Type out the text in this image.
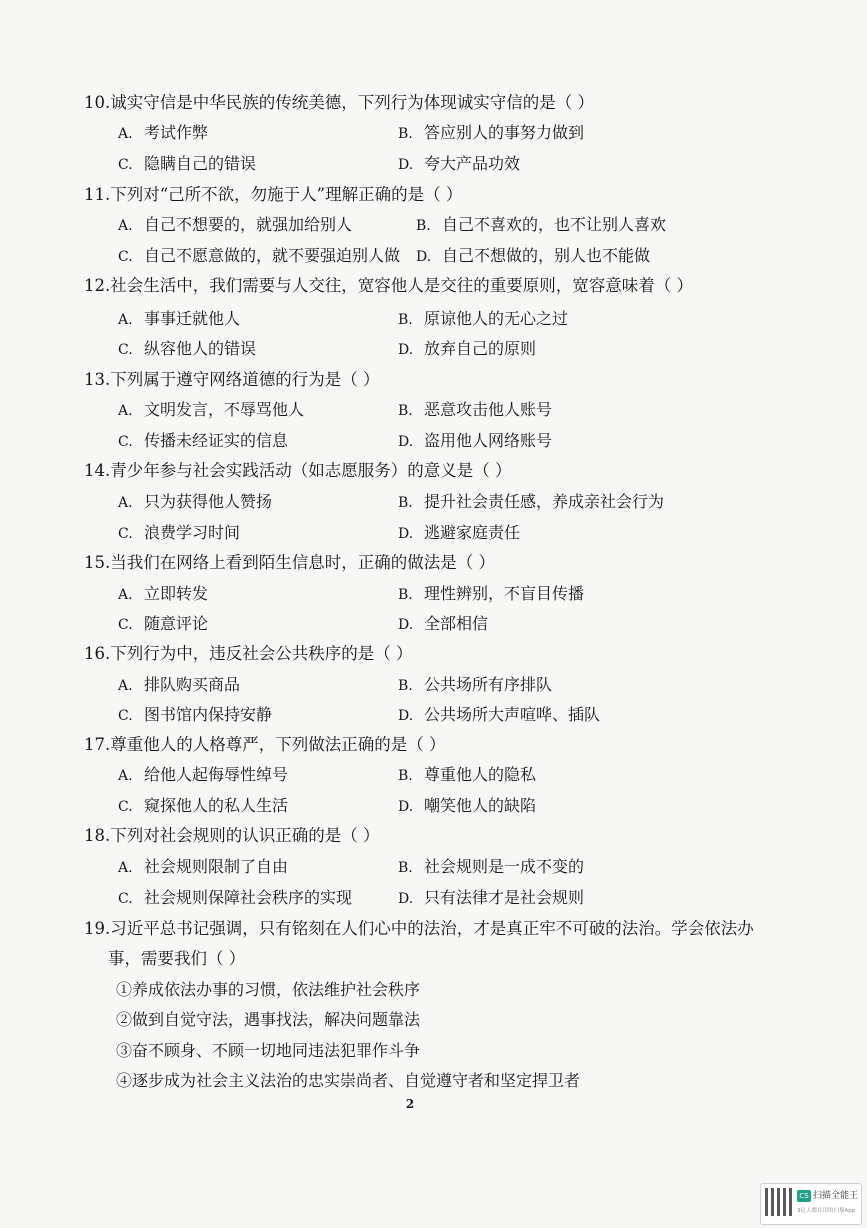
10.诚实守信是中华民族的传统美德，下列行为体现诚实守信的是（ ）
A. 考试作弊	B. 答应别人的事努力做到
C. 隐瞒自己的错误	D. 夸大产品功效
11.下列对“己所不欲，勿施于人”理解正确的是（ ）
A. 自己不想要的，就强加给别人	B. 自己不喜欢的，也不让别人喜欢
C. 自己不愿意做的，就不要强迫别人做 D. 自己不想做的，别人也不能做
12.社会生活中，我们需要与人交往，宽容他人是交往的重要原则，宽容意味着（ ）
A. 事事迁就他人	B. 原谅他人的无心之过
C. 纵容他人的错误	D. 放弃自己的原则
13.下列属于遵守网络道德的行为是（ ）
A. 文明发言，不辱骂他人	B. 恶意攻击他人账号
C. 传播未经证实的信息	D. 盗用他人网络账号
14.青少年参与社会实践活动（如志愿服务）的意义是（ ）
A. 只为获得他人赞扬	B. 提升社会责任感，养成亲社会行为
C. 浪费学习时间	D. 逃避家庭责任
15.当我们在网络上看到陌生信息时，正确的做法是（ ）
A. 立即转发	B. 理性辨别，不盲目传播
C. 随意评论	D. 全部相信
16.下列行为中，违反社会公共秩序的是（ ）
A. 排队购买商品	B. 公共场所有序排队
C. 图书馆内保持安静	D. 公共场所大声喧哗、插队
17.尊重他人的人格尊严，下列做法正确的是（ ）
A. 给他人起侮辱性绰号	B. 尊重他人的隐私
C. 窥探他人的私人生活	D. 嘲笑他人的缺陷
18.下列对社会规则的认识正确的是（ ）
A. 社会规则限制了自由	B. 社会规则是一成不变的
C. 社会规则保障社会秩序的实现	D. 只有法律才是社会规则
19.习近平总书记强调，只有铭刻在人们心中的法治，才是真正牢不可破的法治。学会依法办
事，需要我们（ ）
①养成依法办事的习惯，依法维护社会秩序
②做到自觉守法，遇事找法，解决问题靠法
③奋不顾身、不顾一切地同违法犯罪作斗争
④逐步成为社会主义法治的忠实崇尚者、自觉遵守者和坚定捍卫者
2
CS 扫描全能王
3亿人都在用的扫描App
